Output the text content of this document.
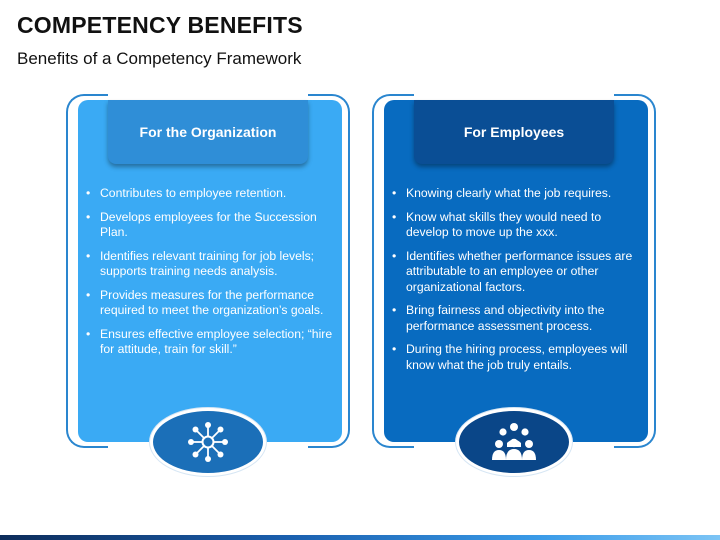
COMPETENCY BENEFITS
Benefits of a Competency Framework
For the Organization
• Contributes to employee retention.
• Develops employees for the Succession Plan.
• Identifies relevant training for job levels; supports training needs analysis.
• Provides measures for the performance required to meet the organization’s goals.
• Ensures effective employee selection; “hire for attitude, train for skill.”
For Employees
• Knowing clearly what the job requires.
• Know what skills they would need to develop to move up the xxx.
• Identifies whether performance issues are attributable to an employee or other organizational factors.
• Bring fairness and objectivity into the performance assessment process.
• During the hiring process, employees will know what the job truly entails.
